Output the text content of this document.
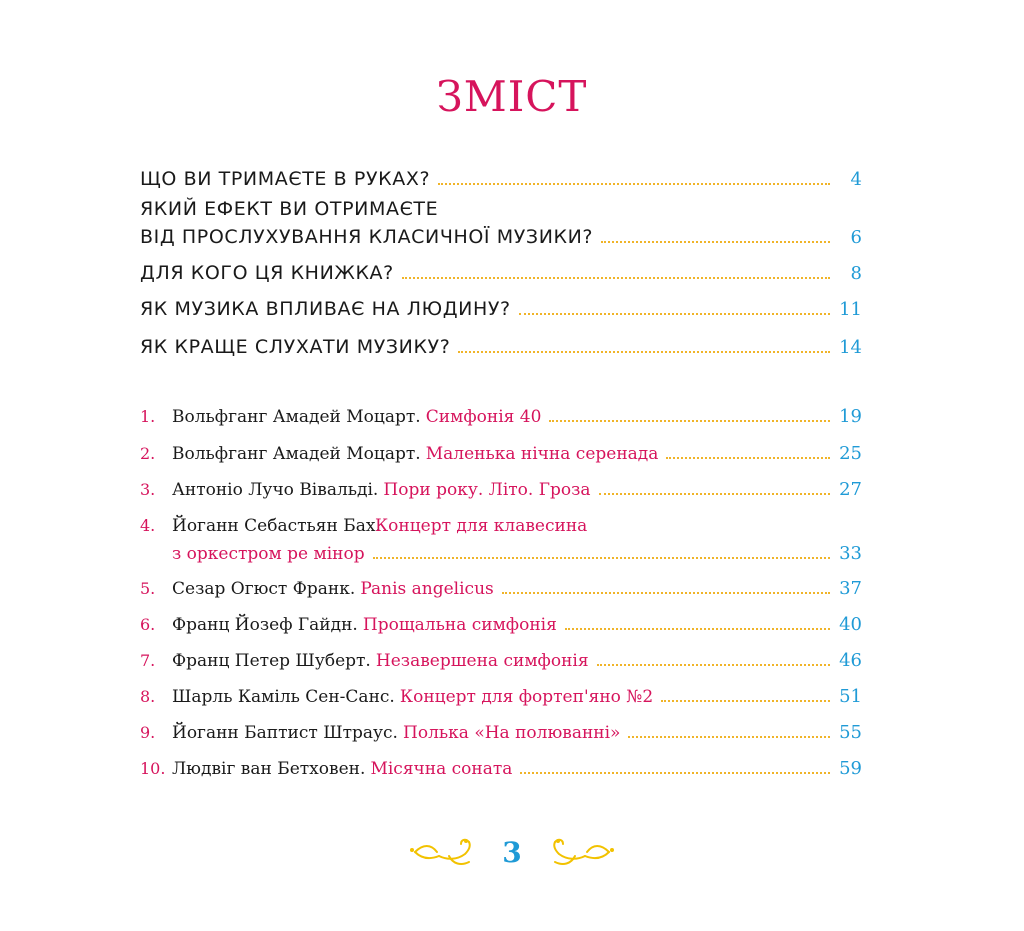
ЗМІСТ
ЩО ВИ ТРИМАЄТЕ В РУКАХ?	4
ЯКИЙ ЕФЕКТ ВИ ОТРИМАЄТЕ
ВІД ПРОСЛУХУВАННЯ КЛАСИЧНОЇ МУЗИКИ?	6
ДЛЯ КОГО ЦЯ КНИЖКА?	8
ЯК МУЗИКА ВПЛИВАЄ НА ЛЮДИНУ?	11
ЯК КРАЩЕ СЛУХАТИ МУЗИКУ?	14
1. Вольфганг Амадей Моцарт. Симфонія 40	19
2. Вольфганг Амадей Моцарт. Маленька нічна серенада	25
3. Антоніо Лучо Вівальді. Пори року. Літо. Гроза	27
4. Йоганн Себастьян Бах.
Концерт для клавесина
з оркестром ре мінор	33
5. Сезар Огюст Франк. Panis angelicus	37
6. Франц Йозеф Гайдн. Прощальна симфонія	40
7. Франц Петер Шуберт. Незавершена симфонія	46
8. Шарль Каміль Сен-Санс. Концерт для фортеп'яно №2	51
9. Йоганн Баптист Штраус. Полька «На полюванні»	55
10. Людвіг ван Бетховен. Місячна соната	59
3
